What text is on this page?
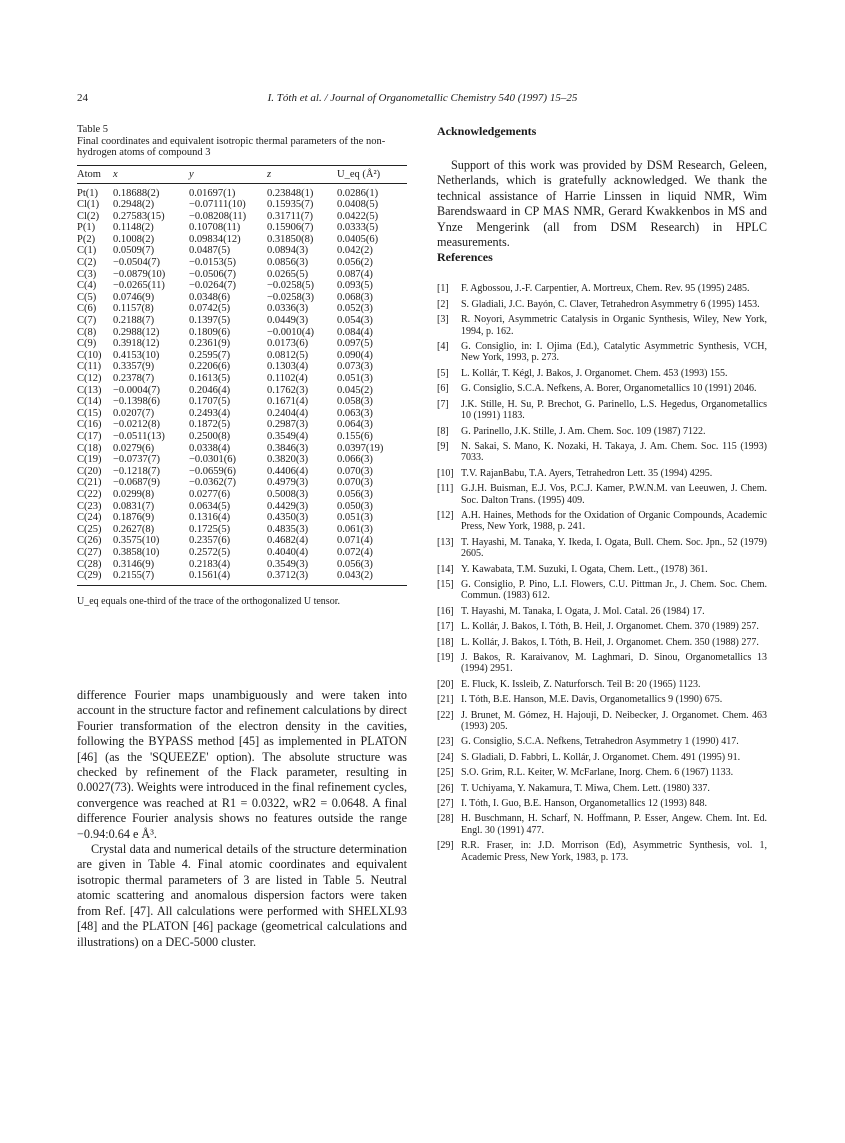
24	I. Tóth et al. / Journal of Organometallic Chemistry 540 (1997) 15–25
Table 5
Final coordinates and equivalent isotropic thermal parameters of the non-hydrogen atoms of compound 3
Atom	x	y	z	U_eq (Å²)
Pt(1)	0.18688(2)	0.01697(1)	0.23848(1)	0.0286(1)
Cl(1)	0.2948(2)	−0.07111(10)	0.15935(7)	0.0408(5)
Cl(2)	0.27583(15)	−0.08208(11)	0.31711(7)	0.0422(5)
P(1)	0.1148(2)	0.10708(11)	0.15906(7)	0.0333(5)
P(2)	0.1008(2)	0.09834(12)	0.31850(8)	0.0405(6)
C(1)	0.0509(7)	0.0487(5)	0.0894(3)	0.042(2)
C(2)	−0.0504(7)	−0.0153(5)	0.0856(3)	0.056(2)
C(3)	−0.0879(10)	−0.0506(7)	0.0265(5)	0.087(4)
C(4)	−0.0265(11)	−0.0264(7)	−0.0258(5)	0.093(5)
C(5)	0.0746(9)	0.0348(6)	−0.0258(3)	0.068(3)
C(6)	0.1157(8)	0.0742(5)	0.0336(3)	0.052(3)
C(7)	0.2188(7)	0.1397(5)	0.0449(3)	0.054(3)
C(8)	0.2988(12)	0.1809(6)	−0.0010(4)	0.084(4)
C(9)	0.3918(12)	0.2361(9)	0.0173(6)	0.097(5)
C(10)	0.4153(10)	0.2595(7)	0.0812(5)	0.090(4)
C(11)	0.3357(9)	0.2206(6)	0.1303(4)	0.073(3)
C(12)	0.2378(7)	0.1613(5)	0.1102(4)	0.051(3)
C(13)	−0.0004(7)	0.2046(4)	0.1762(3)	0.045(2)
C(14)	−0.1398(6)	0.1707(5)	0.1671(4)	0.058(3)
C(15)	0.0207(7)	0.2493(4)	0.2404(4)	0.063(3)
C(16)	−0.0212(8)	0.1872(5)	0.2987(3)	0.064(3)
C(17)	−0.0511(13)	0.2500(8)	0.3549(4)	0.155(6)
C(18)	0.0279(6)	0.0338(4)	0.3846(3)	0.0397(19)
C(19)	−0.0737(7)	−0.0301(6)	0.3820(3)	0.066(3)
C(20)	−0.1218(7)	−0.0659(6)	0.4406(4)	0.070(3)
C(21)	−0.0687(9)	−0.0362(7)	0.4979(3)	0.070(3)
C(22)	0.0299(8)	0.0277(6)	0.5008(3)	0.056(3)
C(23)	0.0831(7)	0.0634(5)	0.4429(3)	0.050(3)
C(24)	0.1876(9)	0.1316(4)	0.4350(3)	0.051(3)
C(25)	0.2627(8)	0.1725(5)	0.4835(3)	0.061(3)
C(26)	0.3575(10)	0.2357(6)	0.4682(4)	0.071(4)
C(27)	0.3858(10)	0.2572(5)	0.4040(4)	0.072(4)
C(28)	0.3146(9)	0.2183(4)	0.3549(3)	0.056(3)
C(29)	0.2155(7)	0.1561(4)	0.3712(3)	0.043(2)
U_eq equals one-third of the trace of the orthogonalized U tensor.

difference Fourier maps unambiguously and were taken into account in the structure factor and refinement calculations by direct Fourier transformation of the electron density in the cavities, following the BYPASS method [45] as implemented in PLATON [46] (as the 'SQUEEZE' option). The absolute structure was checked by refinement of the Flack parameter, resulting in 0.0027(73). Weights were introduced in the final refinement cycles, convergence was reached at R1 = 0.0322, wR2 = 0.0648. A final difference Fourier analysis shows no features outside the range −0.94:0.64 e Å³.

Crystal data and numerical details of the structure determination are given in Table 4. Final atomic coordinates and equivalent isotropic thermal parameters of 3 are listed in Table 5. Neutral atomic scattering and anomalous dispersion factors were taken from Ref. [47]. All calculations were performed with SHELXL93 [48] and the PLATON [46] package (geometrical calculations and illustrations) on a DEC-5000 cluster.

Acknowledgements

Support of this work was provided by DSM Research, Geleen, Netherlands, which is gratefully acknowledged. We thank the technical assistance of Harrie Linssen in liquid NMR, Wim Barendswaard in CP MAS NMR, Gerard Kwakkenbos in MS and Ynze Mengerink (all from DSM Research) in HPLC measurements.

References
[1]	F. Agbossou, J.-F. Carpentier, A. Mortreux, Chem. Rev. 95 (1995) 2485.
[2]	S. Gladiali, J.C. Bayón, C. Claver, Tetrahedron Asymmetry 6 (1995) 1453.
[3]	R. Noyori, Asymmetric Catalysis in Organic Synthesis, Wiley, New York, 1994, p. 162.
[4]	G. Consiglio, in: I. Ojima (Ed.), Catalytic Asymmetric Synthesis, VCH, New York, 1993, p. 273.
[5]	L. Kollár, T. Kégl, J. Bakos, J. Organomet. Chem. 453 (1993) 155.
[6]	G. Consiglio, S.C.A. Nefkens, A. Borer, Organometallics 10 (1991) 2046.
[7]	J.K. Stille, H. Su, P. Brechot, G. Parinello, L.S. Hegedus, Organometallics 10 (1991) 1183.
[8]	G. Parinello, J.K. Stille, J. Am. Chem. Soc. 109 (1987) 7122.
[9]	N. Sakai, S. Mano, K. Nozaki, H. Takaya, J. Am. Chem. Soc. 115 (1993) 7033.
[10] T.V. RajanBabu, T.A. Ayers, Tetrahedron Lett. 35 (1994) 4295.
[11] G.J.H. Buisman, E.J. Vos, P.C.J. Kamer, P.W.N.M. van Leeuwen, J. Chem. Soc. Dalton Trans. (1995) 409.
[12] A.H. Haines, Methods for the Oxidation of Organic Compounds, Academic Press, New York, 1988, p. 241.
[13] T. Hayashi, M. Tanaka, Y. Ikeda, I. Ogata, Bull. Chem. Soc. Jpn., 52 (1979) 2605.
[14] Y. Kawabata, T.M. Suzuki, I. Ogata, Chem. Lett., (1978) 361.
[15] G. Consiglio, P. Pino, L.I. Flowers, C.U. Pittman Jr., J. Chem. Soc. Chem. Commun. (1983) 612.
[16] T. Hayashi, M. Tanaka, I. Ogata, J. Mol. Catal. 26 (1984) 17.
[17] L. Kollár, J. Bakos, I. Tóth, B. Heil, J. Organomet. Chem. 370 (1989) 257.
[18] L. Kollár, J. Bakos, I. Tóth, B. Heil, J. Organomet. Chem. 350 (1988) 277.
[19] J. Bakos, R. Karaivanov, M. Laghmari, D. Sinou, Organometallics 13 (1994) 2951.
[20] E. Fluck, K. Issleib, Z. Naturforsch. Teil B: 20 (1965) 1123.
[21] I. Tóth, B.E. Hanson, M.E. Davis, Organometallics 9 (1990) 675.
[22] J. Brunet, M. Gómez, H. Hajouji, D. Neibecker, J. Organomet. Chem. 463 (1993) 205.
[23] G. Consiglio, S.C.A. Nefkens, Tetrahedron Asymmetry 1 (1990) 417.
[24] S. Gladiali, D. Fabbri, L. Kollár, J. Organomet. Chem. 491 (1995) 91.
[25] S.O. Grim, R.L. Keiter, W. McFarlane, Inorg. Chem. 6 (1967) 1133.
[26] T. Uchiyama, Y. Nakamura, T. Miwa, Chem. Lett. (1980) 337.
[27] I. Tóth, I. Guo, B.E. Hanson, Organometallics 12 (1993) 848.
[28] H. Buschmann, H. Scharf, N. Hoffmann, P. Esser, Angew. Chem. Int. Ed. Engl. 30 (1991) 477.
[29] R.R. Fraser, in: J.D. Morrison (Ed), Asymmetric Synthesis, vol. 1, Academic Press, New York, 1983, p. 173.
